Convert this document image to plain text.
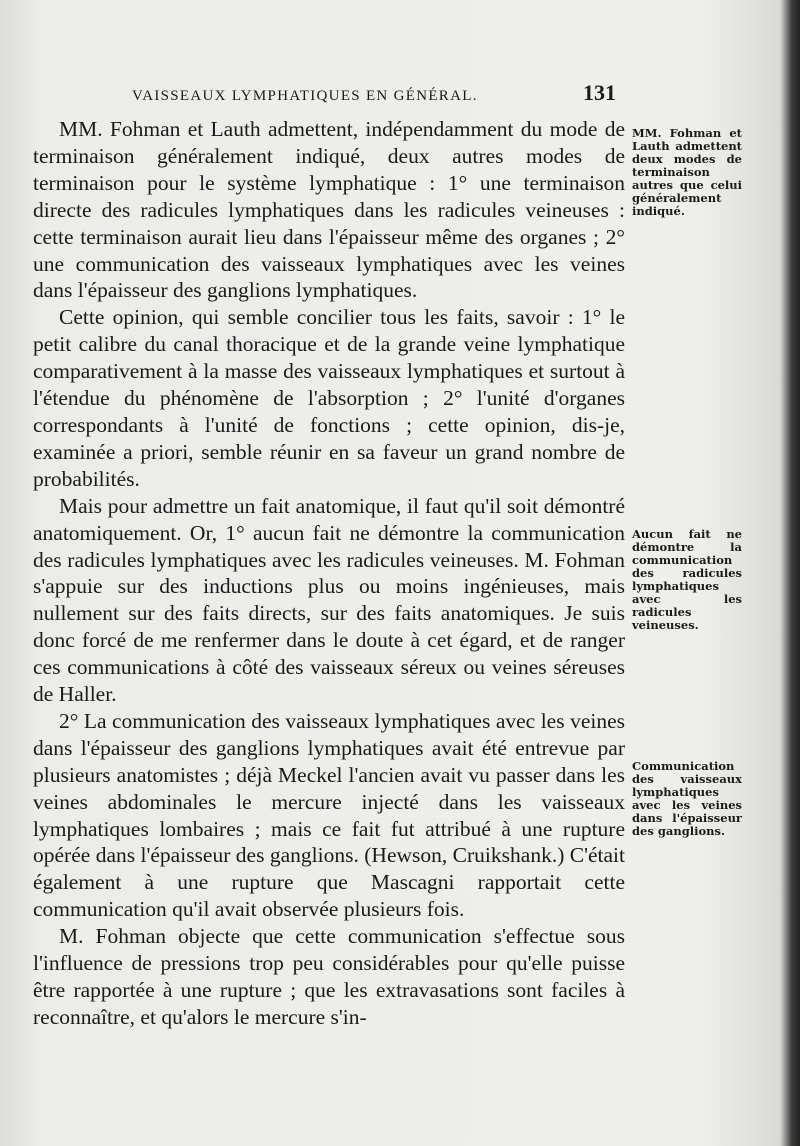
VAISSEAUX LYMPHATIQUES EN GÉNÉRAL.	131

MM. Fohman et Lauth admettent, indépendamment du mode de terminaison généralement indiqué, deux autres modes de terminaison pour le système lymphatique : 1° une terminaison directe des radicules lymphatiques dans les radicules veineuses : cette terminaison aurait lieu dans l'épaisseur même des organes ; 2° une communication des vaisseaux lymphatiques avec les veines dans l'épaisseur des ganglions lymphatiques.

Cette opinion, qui semble concilier tous les faits, savoir : 1° le petit calibre du canal thoracique et de la grande veine lymphatique comparativement à la masse des vaisseaux lymphatiques et surtout à l'étendue du phénomène de l'absorption ; 2° l'unité d'organes correspondants à l'unité de fonctions ; cette opinion, dis-je, examinée a priori, semble réunir en sa faveur un grand nombre de probabilités.

Mais pour admettre un fait anatomique, il faut qu'il soit démontré anatomiquement. Or, 1° aucun fait ne démontre la communication des radicules lymphatiques avec les radicules veineuses. M. Fohman s'appuie sur des inductions plus ou moins ingénieuses, mais nullement sur des faits directs, sur des faits anatomiques. Je suis donc forcé de me renfermer dans le doute à cet égard, et de ranger ces communications à côté des vaisseaux séreux ou veines séreuses de Haller.

2° La communication des vaisseaux lymphatiques avec les veines dans l'épaisseur des ganglions lymphatiques avait été entrevue par plusieurs anatomistes ; déjà Meckel l'ancien avait vu passer dans les veines abdominales le mercure injecté dans les vaisseaux lymphatiques lombaires ; mais ce fait fut attribué à une rupture opérée dans l'épaisseur des ganglions. (Hewson, Cruikshank.) C'était également à une rupture que Mascagni rapportait cette communication qu'il avait observée plusieurs fois.

M. Fohman objecte que cette communication s'effectue sous l'influence de pressions trop peu considérables pour qu'elle puisse être rapportée à une rupture ; que les extravasations sont faciles à reconnaître, et qu'alors le mercure s'in-

MM. Fohman et Lauth admettent deux modes de terminaison autres que celui généralement indiqué.
Aucun fait ne démontre la communication des radicules lymphatiques avec les radicules veineuses.
Communication des vaisseaux lymphatiques avec les veines dans l'épaisseur des ganglions.
